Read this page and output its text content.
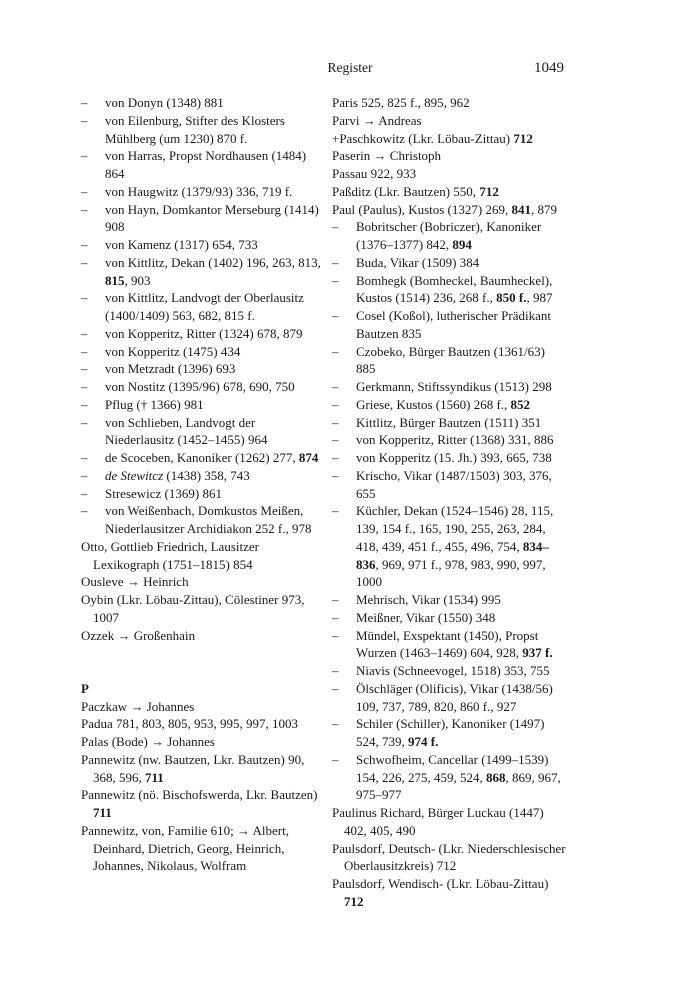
Register	1049
– von Donyn (1348) 881
– von Eilenburg, Stifter des Klosters Mühlberg (um 1230) 870 f.
– von Harras, Propst Nordhausen (1484) 864
– von Haugwitz (1379/93) 336, 719 f.
– von Hayn, Domkantor Merseburg (1414) 908
– von Kamenz (1317) 654, 733
– von Kittlitz, Dekan (1402) 196, 263, 813, 815, 903
– von Kittlitz, Landvogt der Oberlausitz (1400/1409) 563, 682, 815 f.
– von Kopperitz, Ritter (1324) 678, 879
– von Kopperitz (1475) 434
– von Metzradt (1396) 693
– von Nostitz (1395/96) 678, 690, 750
– Pflug († 1366) 981
– von Schlieben, Landvogt der Niederlausitz (1452–1455) 964
– de Scoceben, Kanoniker (1262) 277, 874
– de Stewitcz (1438) 358, 743
– Stresewicz (1369) 861
– von Weißenbach, Domkustos Meißen, Niederlausitzer Archidiakon 252 f., 978
Otto, Gottlieb Friedrich, Lausitzer Lexikograph (1751–1815) 854
Ousleve → Heinrich
Oybin (Lkr. Löbau-Zittau), Cölestiner 973, 1007
Ozzek → Großenhain
P
Paczkaw → Johannes
Padua 781, 803, 805, 953, 995, 997, 1003
Palas (Bode) → Johannes
Pannewitz (nw. Bautzen, Lkr. Bautzen) 90, 368, 596, 711
Pannewitz (nö. Bischofswerda, Lkr. Bautzen) 711
Pannewitz, von, Familie 610; → Albert, Deinhard, Dietrich, Georg, Heinrich, Johannes, Nikolaus, Wolfram
Paris 525, 825 f., 895, 962
Parvi → Andreas
+Paschkowitz (Lkr. Löbau-Zittau) 712
Paserin → Christoph
Passau 922, 933
Paßditz (Lkr. Bautzen) 550, 712
Paul (Paulus), Kustos (1327) 269, 841, 879
– Bobritscher (Bobriczer), Kanoniker (1376–1377) 842, 894
– Buda, Vikar (1509) 384
– Bomhegk (Bomheckel, Baumheckel), Kustos (1514) 236, 268 f., 850 f., 987
– Cosel (Koßol), lutherischer Prädikant Bautzen 835
– Czobeko, Bürger Bautzen (1361/63) 885
– Gerkmann, Stiftssyndikus (1513) 298
– Griese, Kustos (1560) 268 f., 852
– Kittlitz, Bürger Bautzen (1511) 351
– von Kopperitz, Ritter (1368) 331, 886
– von Kopperitz (15. Jh.) 393, 665, 738
– Krischo, Vikar (1487/1503) 303, 376, 655
– Küchler, Dekan (1524–1546) 28, 115, 139, 154 f., 165, 190, 255, 263, 284, 418, 439, 451 f., 455, 496, 754, 834–836, 969, 971 f., 978, 983, 990, 997, 1000
– Mehrisch, Vikar (1534) 995
– Meißner, Vikar (1550) 348
– Mündel, Exspektant (1450), Propst Wurzen (1463–1469) 604, 928, 937 f.
– Niavis (Schneevogel, 1518) 353, 755
– Ölschläger (Olificis), Vikar (1438/56) 109, 737, 789, 820, 860 f., 927
– Schiler (Schiller), Kanoniker (1497) 524, 739, 974 f.
– Schwofheim, Cancellar (1499–1539) 154, 226, 275, 459, 524, 868, 869, 967, 975–977
Paulinus Richard, Bürger Luckau (1447) 402, 405, 490
Paulsdorf, Deutsch- (Lkr. Niederschlesischer Oberlausitzkreis) 712
Paulsdorf, Wendisch- (Lkr. Löbau-Zittau) 712
